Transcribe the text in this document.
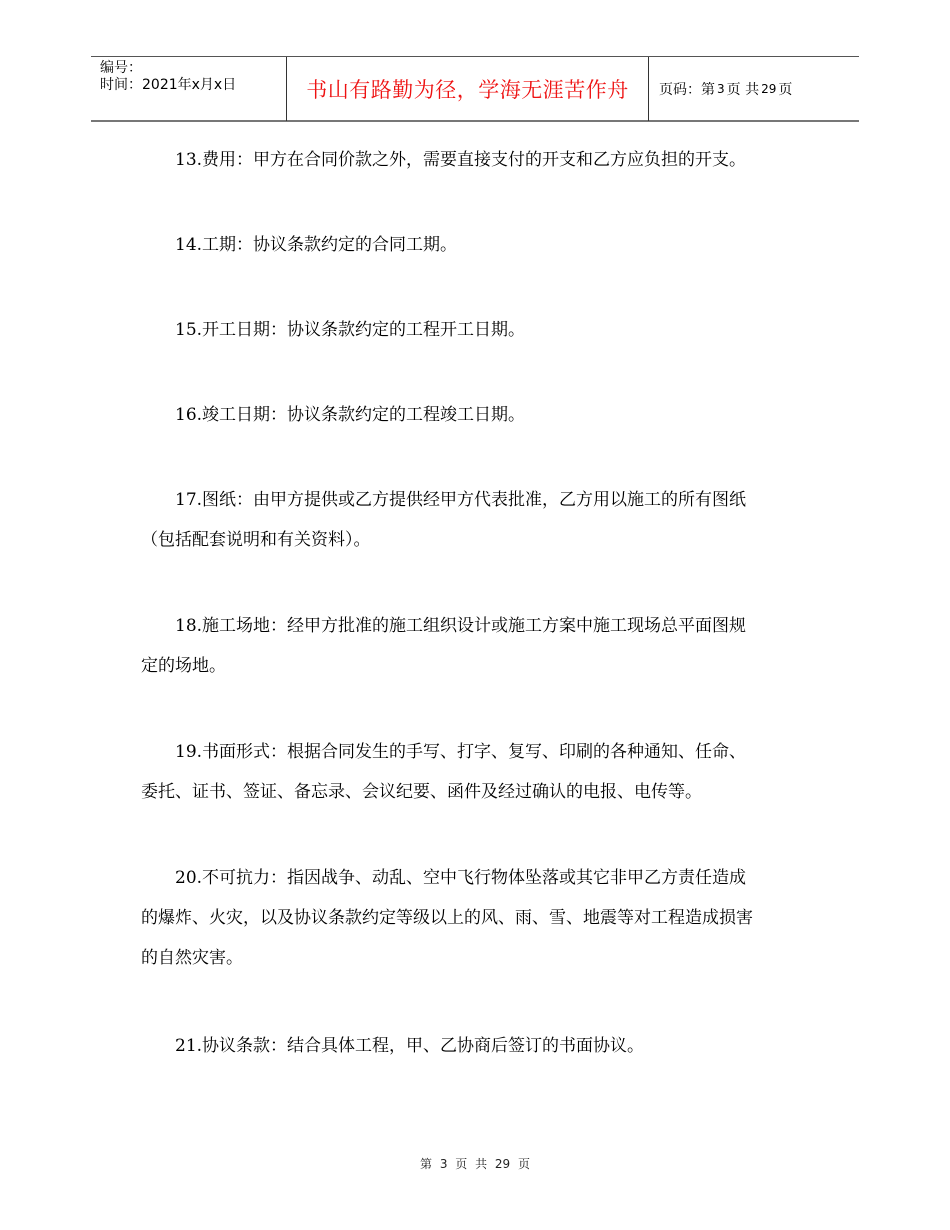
编号：
时间：2021年x月x日	书山有路勤为径，学海无涯苦作舟	页码：第 3 页 共 29 页
13.费用：甲方在合同价款之外，需要直接支付的开支和乙方应负担的开支。
14.工期：协议条款约定的合同工期。
15.开工日期：协议条款约定的工程开工日期。
16.竣工日期：协议条款约定的工程竣工日期。
17.图纸：由甲方提供或乙方提供经甲方代表批准，乙方用以施工的所有图纸
（包括配套说明和有关资料）。
18.施工场地：经甲方批准的施工组织设计或施工方案中施工现场总平面图规
定的场地。
19.书面形式：根据合同发生的手写、打字、复写、印刷的各种通知、任命、
委托、证书、签证、备忘录、会议纪要、函件及经过确认的电报、电传等。
20.不可抗力：指因战争、动乱、空中飞行物体坠落或其它非甲乙方责任造成
的爆炸、火灾，以及协议条款约定等级以上的风、雨、雪、地震等对工程造成损害
的自然灾害。
21.协议条款：结合具体工程，甲、乙协商后签订的书面协议。
第 3 页 共 29 页
